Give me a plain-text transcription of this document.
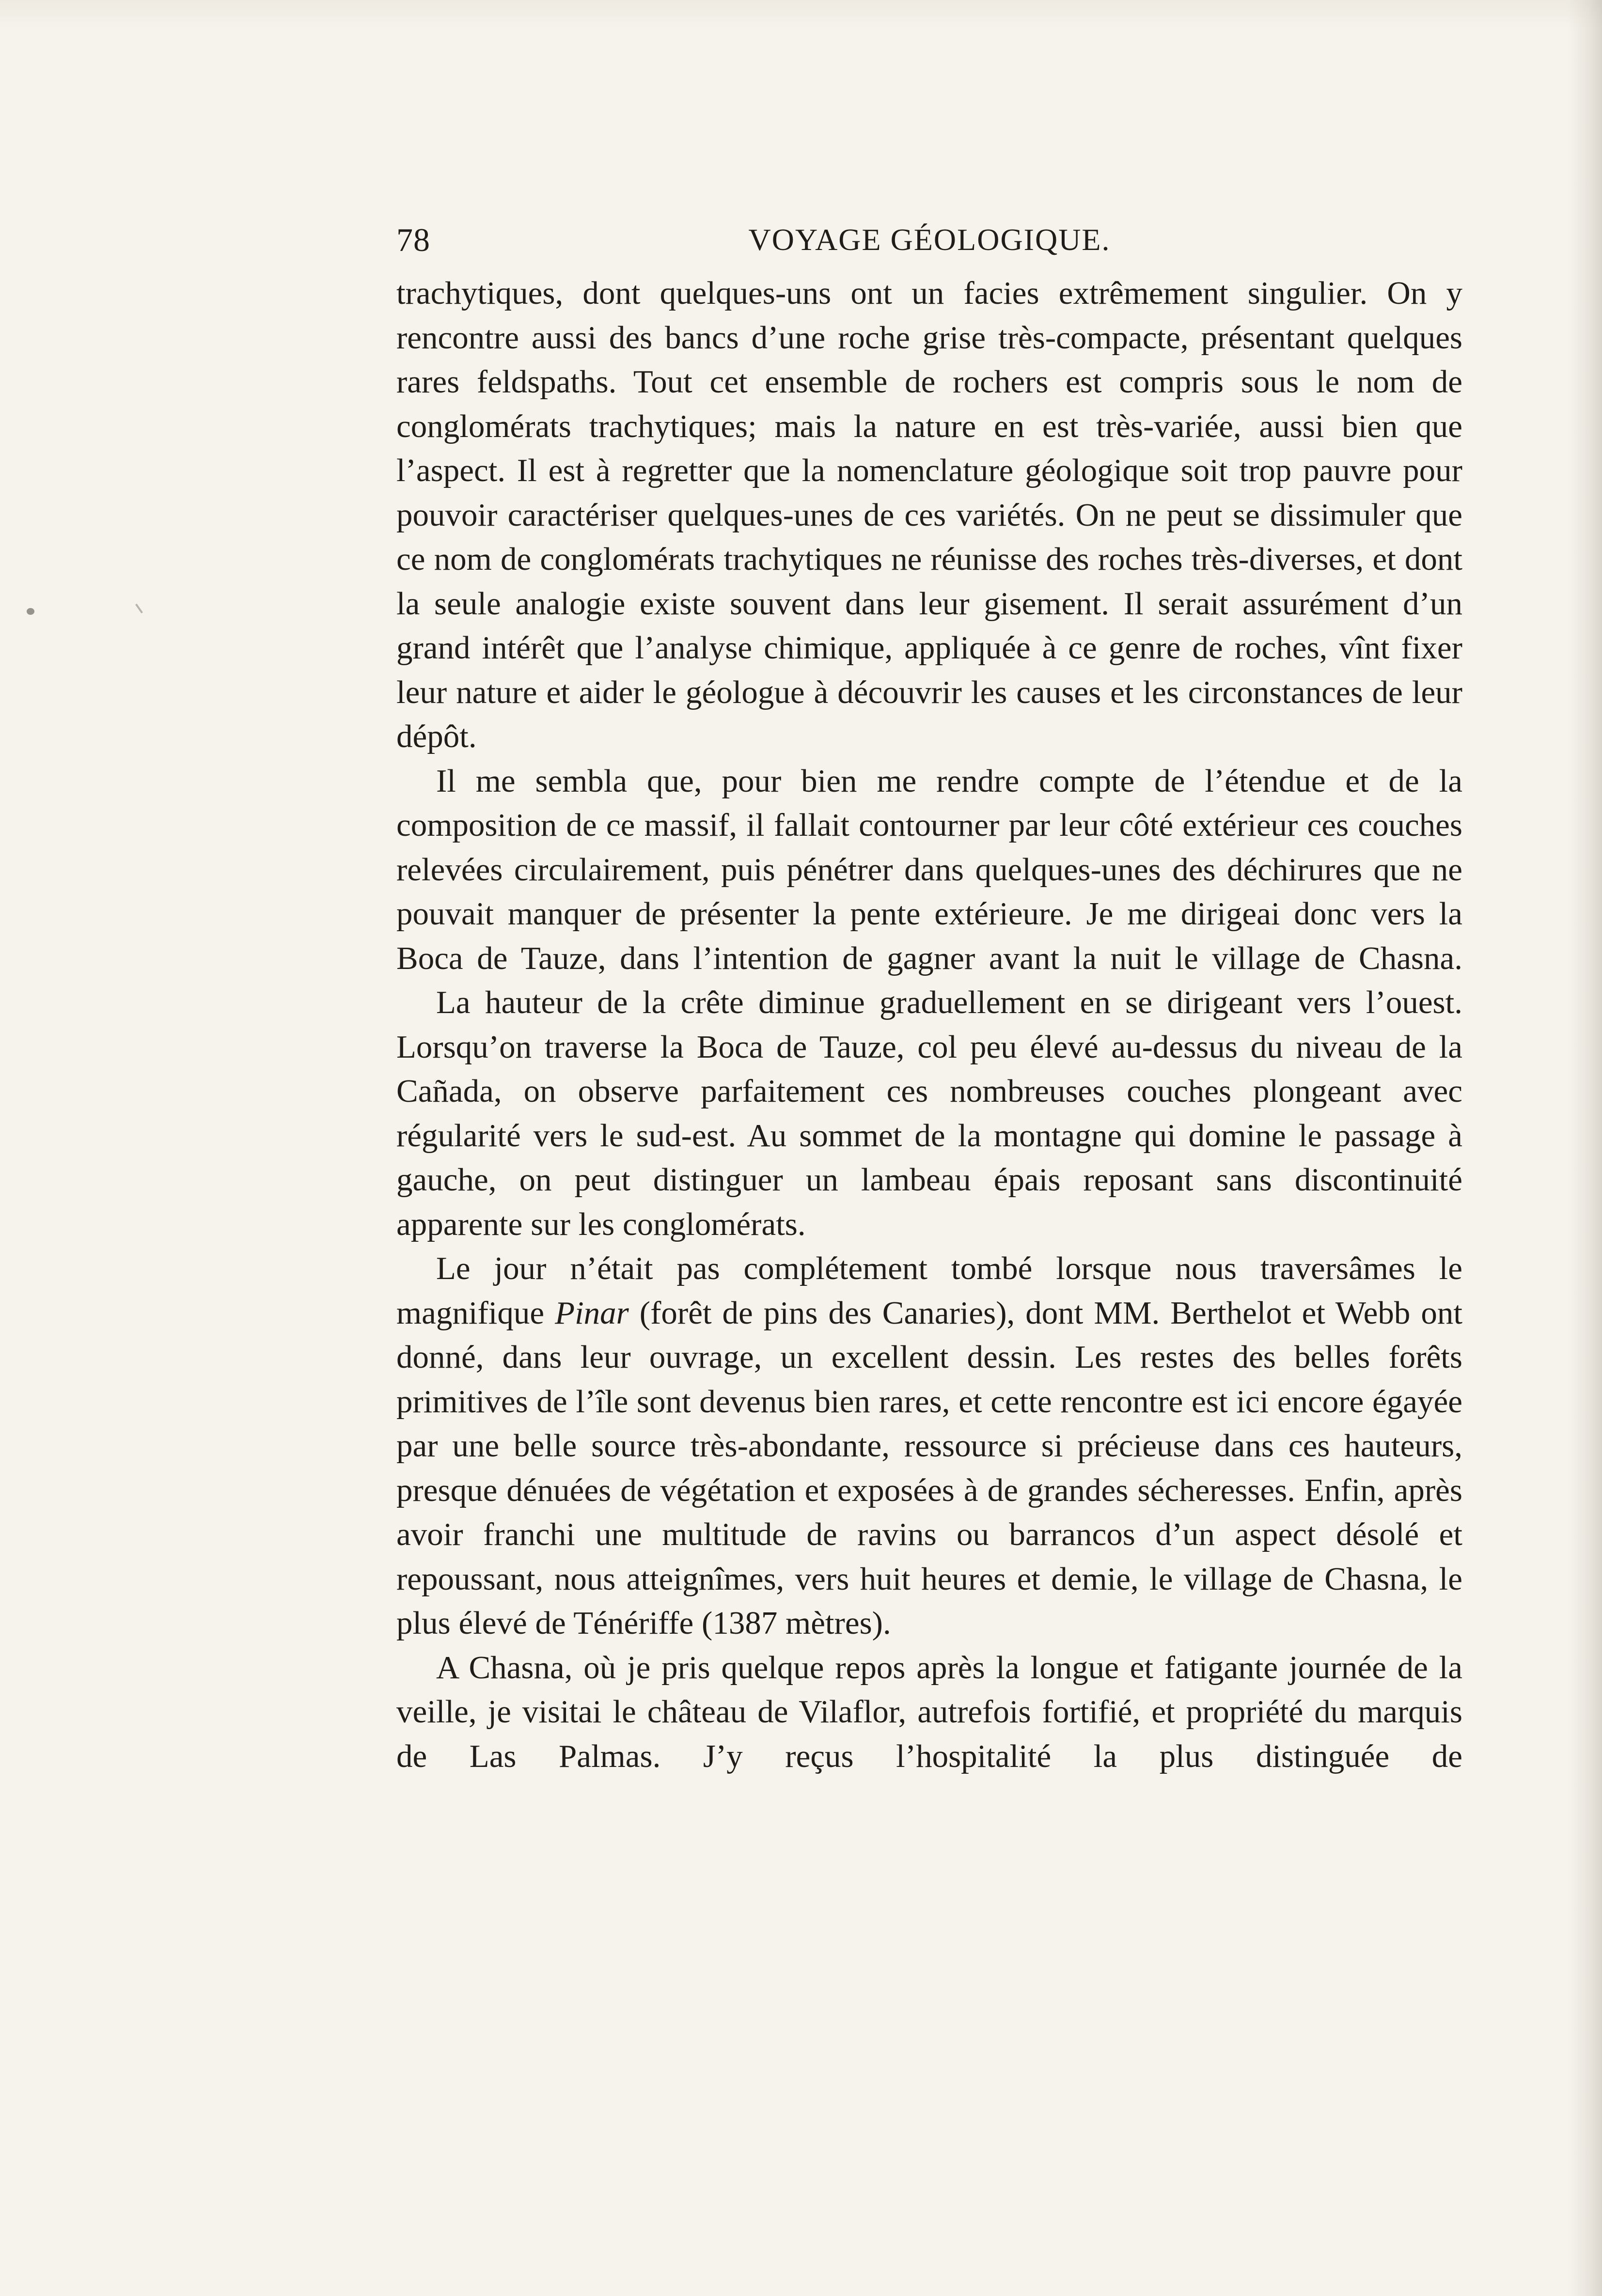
78	VOYAGE GÉOLOGIQUE.

trachytiques, dont quelques-uns ont un facies extrêmement singulier. On y rencontre aussi des bancs d’une roche grise très-compacte, présentant quelques rares feldspaths. Tout cet ensemble de rochers est compris sous le nom de conglomérats trachytiques; mais la nature en est très-variée, aussi bien que l’aspect. Il est à regretter que la nomenclature géologique soit trop pauvre pour pouvoir caractériser quelques-unes de ces variétés. On ne peut se dissimuler que ce nom de conglomérats trachytiques ne réunisse des roches très-diverses, et dont la seule analogie existe souvent dans leur gisement. Il serait assurément d’un grand intérêt que l’analyse chimique, appliquée à ce genre de roches, vînt fixer leur nature et aider le géologue à découvrir les causes et les circonstances de leur dépôt.

Il me sembla que, pour bien me rendre compte de l’étendue et de la composition de ce massif, il fallait contourner par leur côté extérieur ces couches relevées circulairement, puis pénétrer dans quelques-unes des déchirures que ne pouvait manquer de présenter la pente extérieure. Je me dirigeai donc vers la Boca de Tauze, dans l’intention de gagner avant la nuit le village de Chasna.

La hauteur de la crête diminue graduellement en se dirigeant vers l’ouest. Lorsqu’on traverse la Boca de Tauze, col peu élevé au-dessus du niveau de la Cañada, on observe parfaitement ces nombreuses couches plongeant avec régularité vers le sud-est. Au sommet de la montagne qui domine le passage à gauche, on peut distinguer un lambeau épais reposant sans discontinuité apparente sur les conglomérats.

Le jour n’était pas complétement tombé lorsque nous traversâmes le magnifique Pinar (forêt de pins des Canaries), dont MM. Berthelot et Webb ont donné, dans leur ouvrage, un excellent dessin. Les restes des belles forêts primitives de l’île sont devenus bien rares, et cette rencontre est ici encore égayée par une belle source très-abondante, ressource si précieuse dans ces hauteurs, presque dénuées de végétation et exposées à de grandes sécheresses. Enfin, après avoir franchi une multitude de ravins ou barrancos d’un aspect désolé et repoussant, nous atteignîmes, vers huit heures et demie, le village de Chasna, le plus élevé de Ténériffe (1387 mètres).

A Chasna, où je pris quelque repos après la longue et fatigante journée de la veille, je visitai le château de Vilaflor, autrefois fortifié, et propriété du marquis de Las Palmas. J’y reçus l’hospitalité la plus distinguée de
